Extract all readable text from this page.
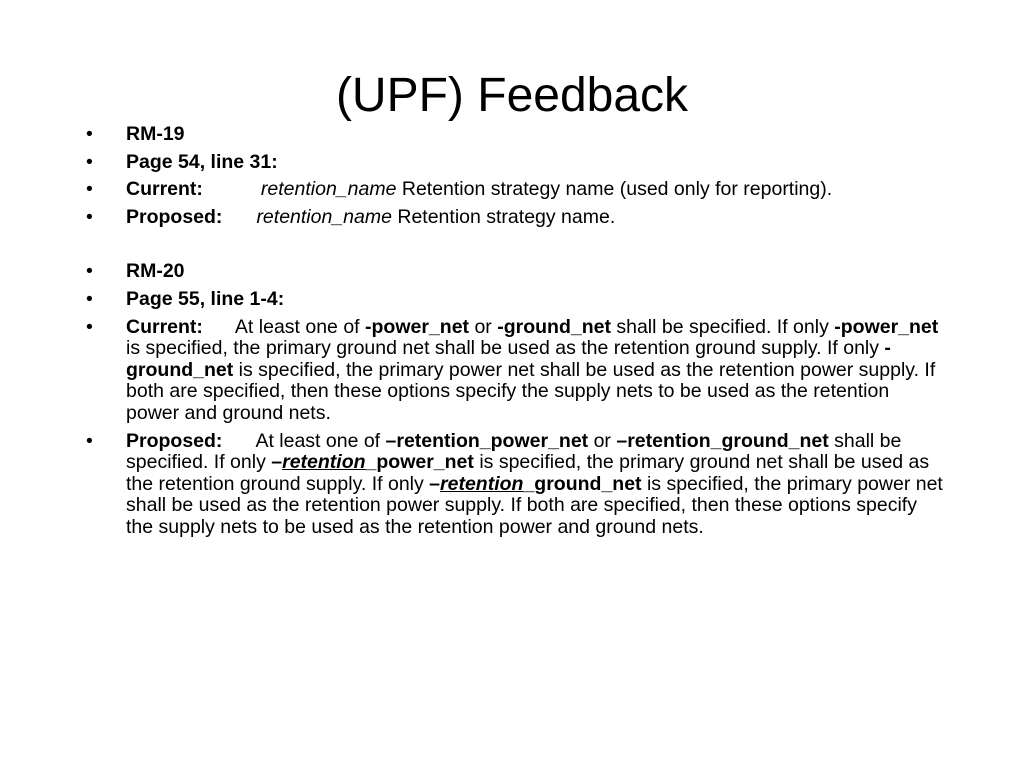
(UPF) Feedback
• RM-19
• Page 54, line 31:
• Current:	retention_name Retention strategy name (used only for reporting).
• Proposed: retention_name Retention strategy name.
• RM-20
• Page 55, line 1-4:
• Current: At least one of -power_net or -ground_net shall be specified. If only -power_net is specified, the primary ground net shall be used as the retention ground supply. If only -ground_net is specified, the primary power net shall be used as the retention power supply. If both are specified, then these options specify the supply nets to be used as the retention power and ground nets.
• Proposed: At least one of –retention_power_net or –retention_ground_net shall be specified. If only –retention_power_net is specified, the primary ground net shall be used as the retention ground supply. If only –retention_ground_net is specified, the primary power net shall be used as the retention power supply. If both are specified, then these options specify the supply nets to be used as the retention power and ground nets.
